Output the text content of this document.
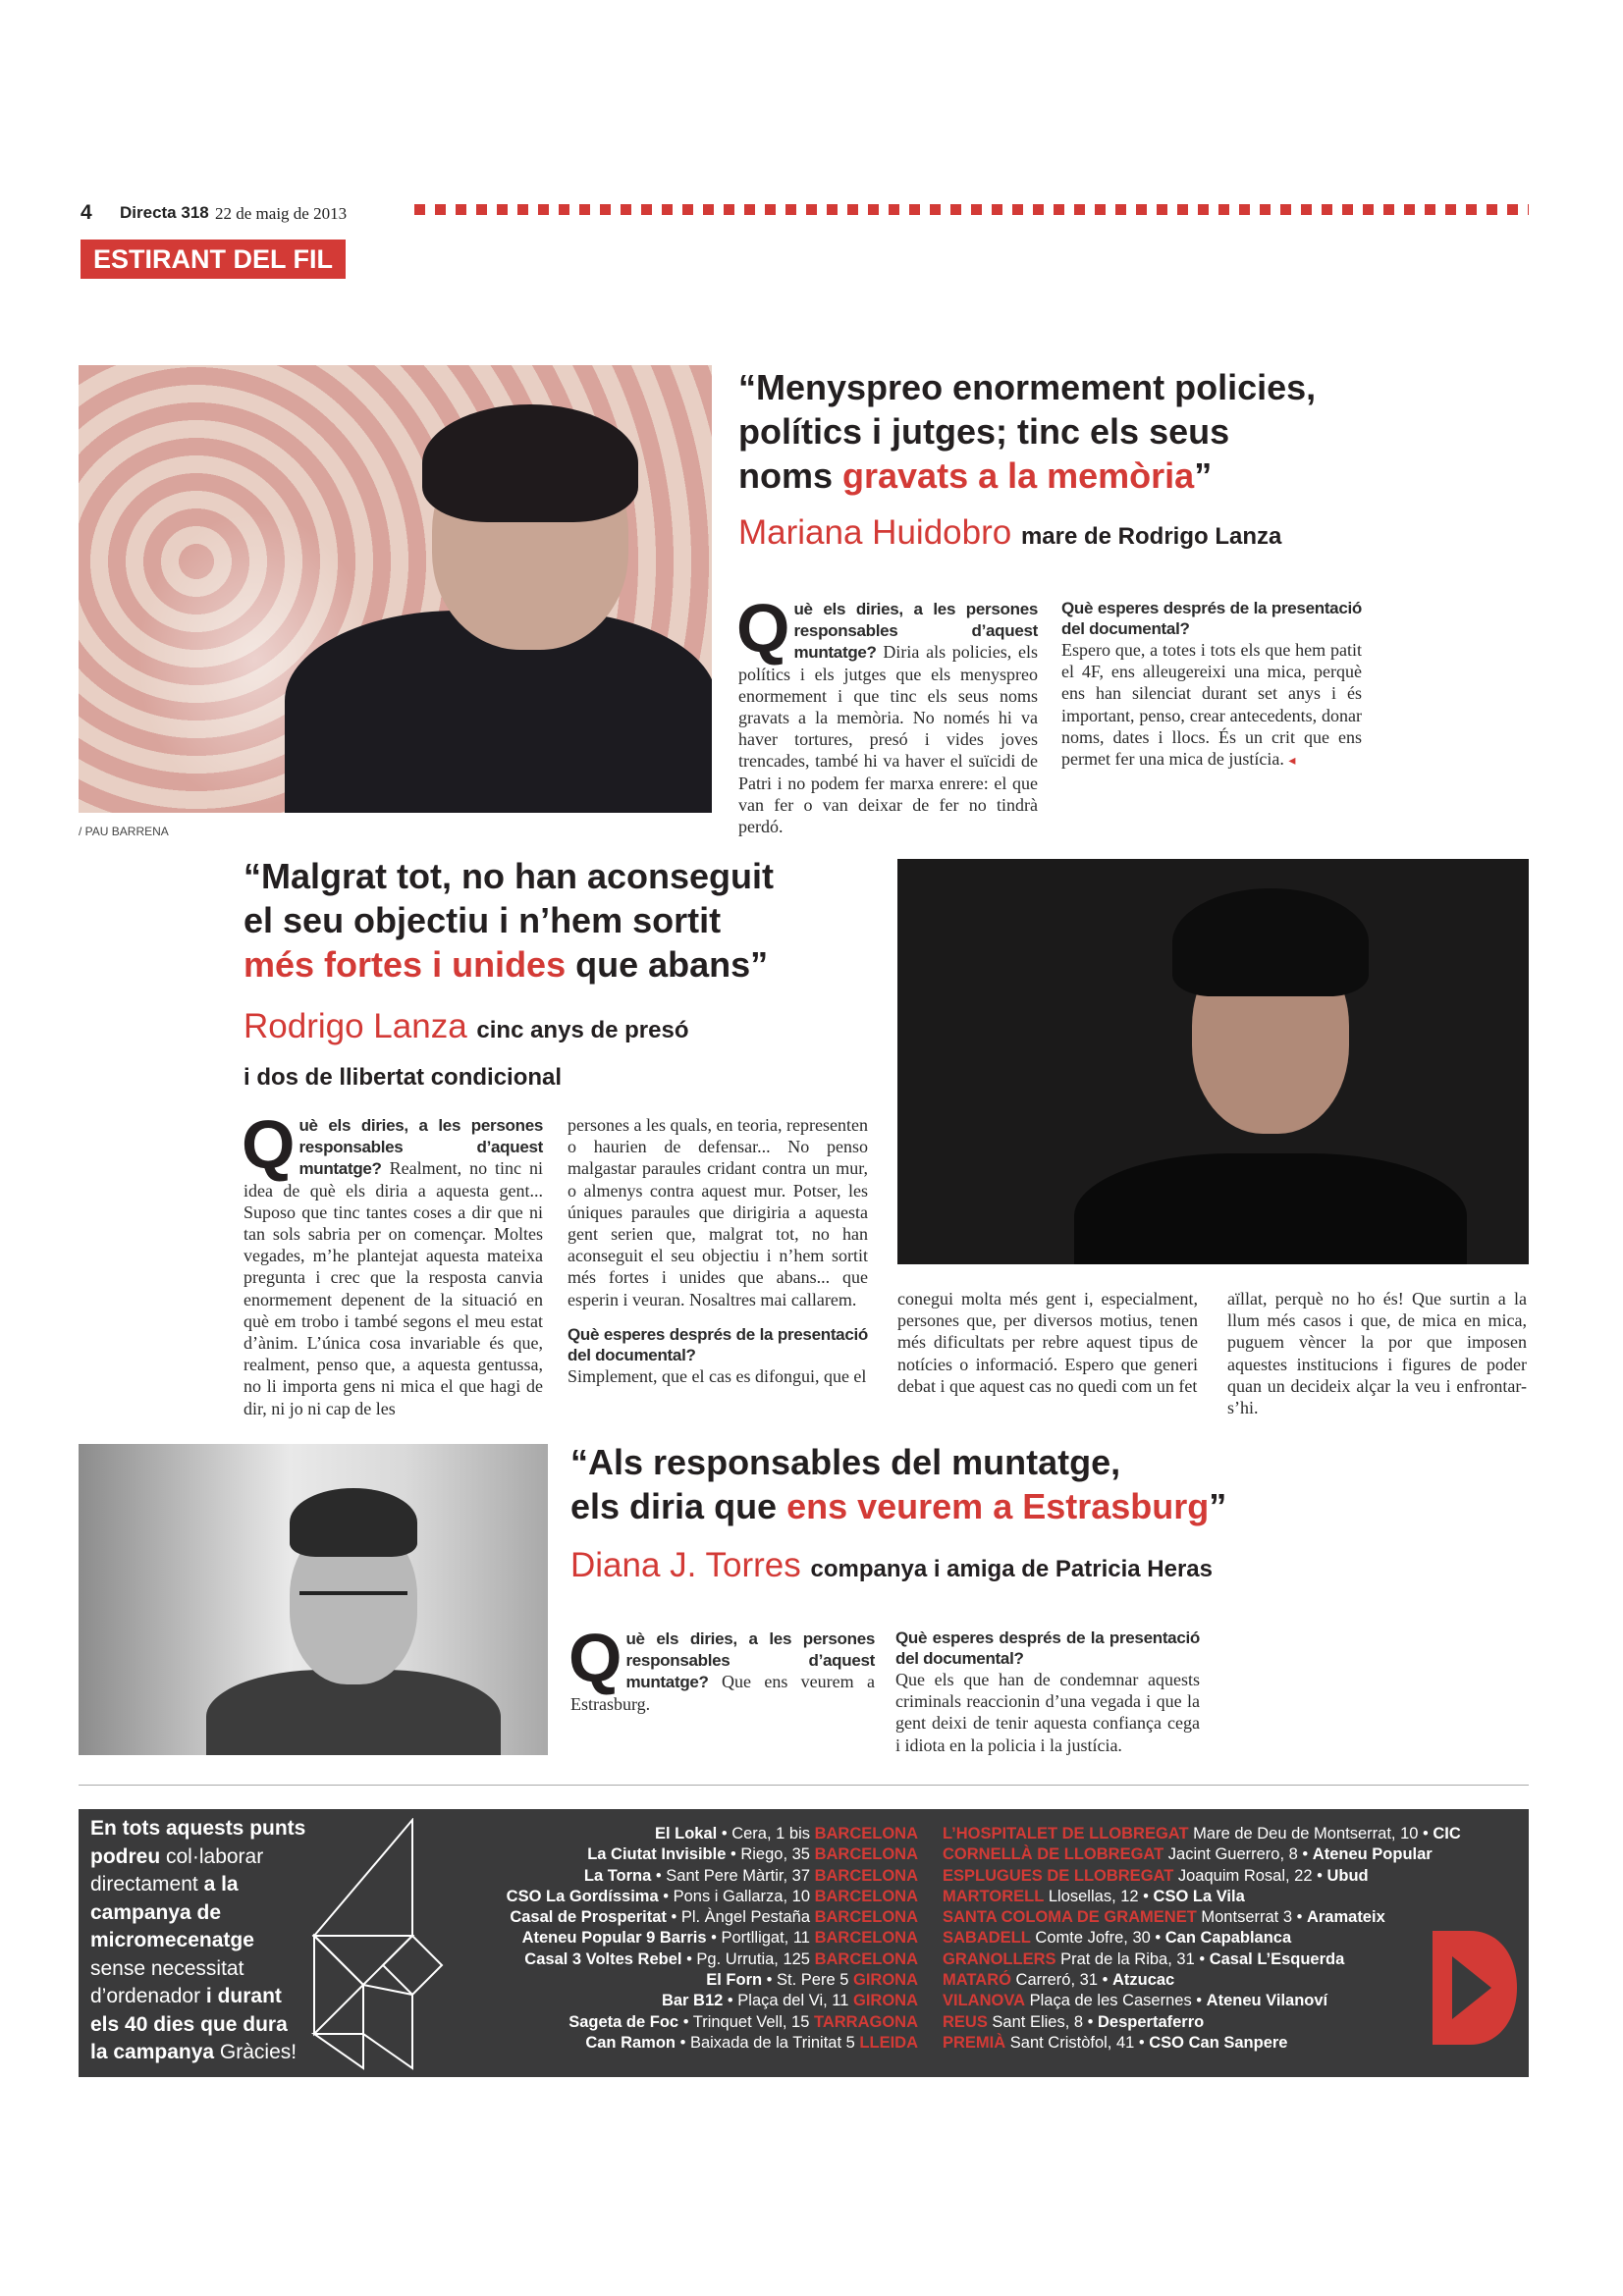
4 Directa 318 22 de maig de 2013
ESTIRANT DEL FIL
/ PAU BARRENA
“Menyspreo enormement policies,
polítics i jutges; tinc els seus
noms gravats a la memòria”
Mariana Huidobro mare de Rodrigo Lanza
Què els diries, a les persones responsables d’aquest muntatge? Diria als policies, els polítics i els jutges que els menyspreo enormement i que tinc els seus noms gravats a la memòria. No només hi va haver tortures, presó i vides joves trencades, també hi va haver el suïcidi de Patri i no podem fer marxa enrere: el que van fer o van deixar de fer no tindrà perdó.
Què esperes després de la presentació del documental?
Espero que, a totes i tots els que hem patit el 4F, ens alleugereixi una mica, perquè ens han silenciat durant set anys i és important, penso, crear antecedents, donar noms, dates i llocs. És un crit que ens permet fer una mica de justícia. ◂
“Malgrat tot, no han aconseguit
el seu objectiu i n’hem sortit
més fortes i unides que abans”
Rodrigo Lanza cinc anys de presó
i dos de llibertat condicional
Què els diries, a les persones responsables d’aquest muntatge? Realment, no tinc ni idea de què els diria a aquesta gent... Suposo que tinc tantes coses a dir que ni tan sols sabria per on començar. Moltes vegades, m’he plantejat aquesta mateixa pregunta i crec que la resposta canvia enormement depenent de la situació en què em trobo i també segons el meu estat d’ànim. L’única cosa invariable és que, realment, penso que, a aquesta gentussa, no li importa gens ni mica el que hagi de dir, ni jo ni cap de les
persones a les quals, en teoria, representen o haurien de defensar... No penso malgastar paraules cridant contra un mur, o almenys contra aquest mur. Potser, les úniques paraules que dirigiria a aquesta gent serien que, malgrat tot, no han aconseguit el seu objectiu i n’hem sortit més fortes i unides que abans... que esperin i veuran. Nosaltres mai callarem.
Què esperes després de la presentació del documental?
Simplement, que el cas es difongui, que el
conegui molta més gent i, especialment, persones que, per diversos motius, tenen més dificultats per rebre aquest tipus de notícies o informació. Espero que generi debat i que aquest cas no quedi com un fet
aïllat, perquè no ho és! Que surtin a la llum més casos i que, de mica en mica, puguem vèncer la por que imposen aquestes institucions i figures de poder quan un decideix alçar la veu i enfrontar-s’hi.
“Als responsables del muntatge,
els diria que ens veurem a Estrasburg”
Diana J. Torres companya i amiga de Patricia Heras
Què els diries, a les persones responsables d’aquest muntatge? Que ens veurem a Estrasburg.
Què esperes després de la presentació del documental?
Que els que han de condemnar aquests criminals reaccionin d’una vegada i que la gent deixi de tenir aquesta confiança cega i idiota en la policia i la justícia.
En tots aquests punts
podreu col·laborar
directament a la
campanya de
micromecenatge
sense necessitat
d’ordenador i durant
els 40 dies que dura
la campanya Gràcies!
El Lokal • Cera, 1 bis BARCELONA
La Ciutat Invisible • Riego, 35 BARCELONA
La Torna • Sant Pere Màrtir, 37 BARCELONA
CSO La Gordíssima • Pons i Gallarza, 10 BARCELONA
Casal de Prosperitat • Pl. Àngel Pestaña BARCELONA
Ateneu Popular 9 Barris • Portlligat, 11 BARCELONA
Casal 3 Voltes Rebel • Pg. Urrutia, 125 BARCELONA
El Forn • St. Pere 5 GIRONA
Bar B12 • Plaça del Vi, 11 GIRONA
Sageta de Foc • Trinquet Vell, 15 TARRAGONA
Can Ramon • Baixada de la Trinitat 5 LLEIDA
L’HOSPITALET DE LLOBREGAT Mare de Deu de Montserrat, 10 • CIC
CORNELLÀ DE LLOBREGAT Jacint Guerrero, 8 • Ateneu Popular
ESPLUGUES DE LLOBREGAT Joaquim Rosal, 22 • Ubud
MARTORELL Llosellas, 12 • CSO La Vila
SANTA COLOMA DE GRAMENET Montserrat 3 • Aramateix
SABADELL Comte Jofre, 30 • Can Capablanca
GRANOLLERS Prat de la Riba, 31 • Casal L’Esquerda
MATARÓ Carreró, 31 • Atzucac
VILANOVA Plaça de les Casernes • Ateneu Vilanoví
REUS Sant Elies, 8 • Despertaferro
PREMIÀ Sant Cristòfol, 41 • CSO Can Sanpere
